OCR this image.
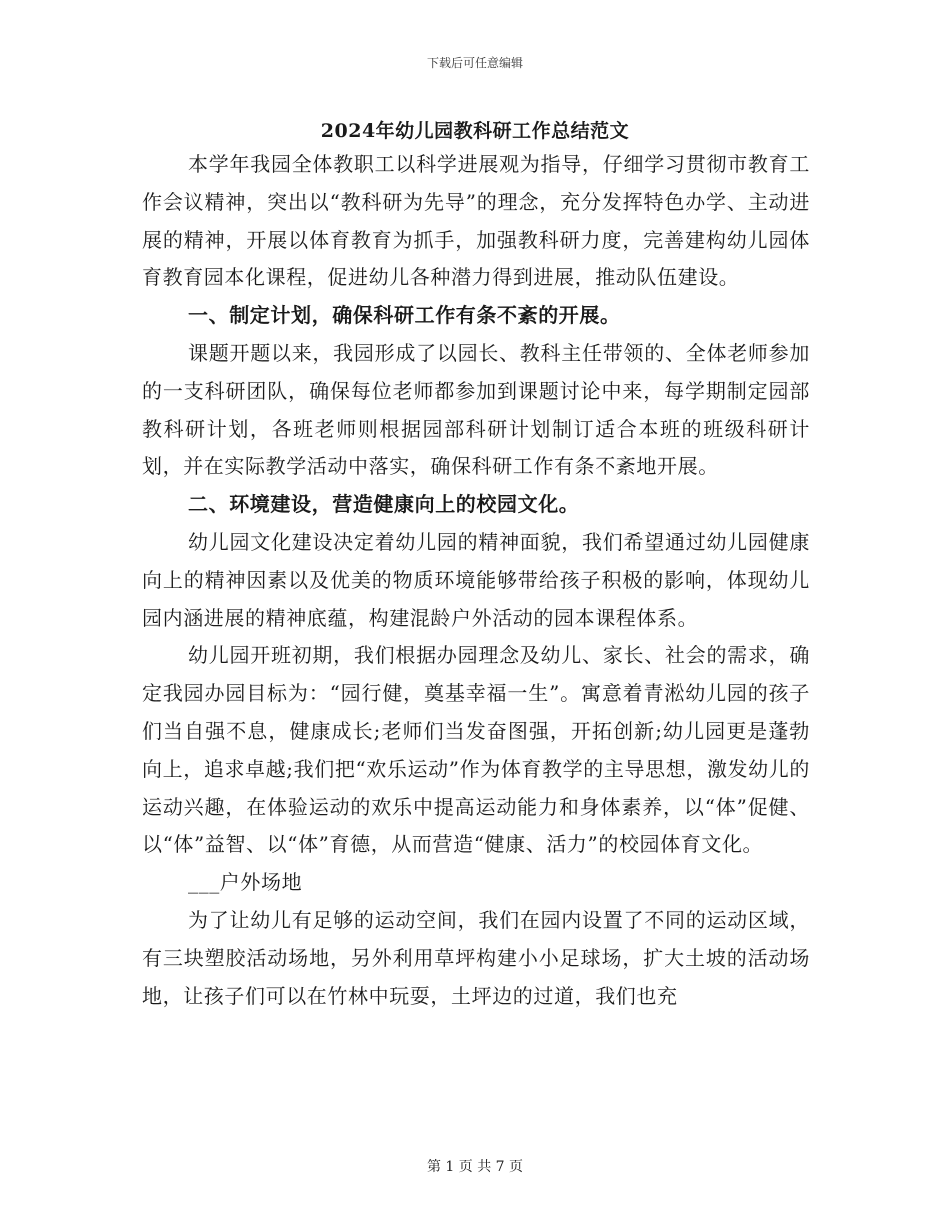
下载后可任意编辑
2024年幼儿园教科研工作总结范文

本学年我园全体教职工以科学进展观为指导，仔细学习贯彻市教育工作会议精神，突出以“教科研为先导”的理念，充分发挥特色办学、主动进展的精神，开展以体育教育为抓手，加强教科研力度，完善建构幼儿园体育教育园本化课程，促进幼儿各种潜力得到进展，推动队伍建设。

一、制定计划，确保科研工作有条不紊的开展。

课题开题以来，我园形成了以园长、教科主任带领的、全体老师参加的一支科研团队，确保每位老师都参加到课题讨论中来，每学期制定园部教科研计划，各班老师则根据园部科研计划制订适合本班的班级科研计划，并在实际教学活动中落实，确保科研工作有条不紊地开展。

二、环境建设，营造健康向上的校园文化。

幼儿园文化建设决定着幼儿园的精神面貌，我们希望通过幼儿园健康向上的精神因素以及优美的物质环境能够带给孩子积极的影响，体现幼儿园内涵进展的精神底蕴，构建混龄户外活动的园本课程体系。

幼儿园开班初期，我们根据办园理念及幼儿、家长、社会的需求，确定我园办园目标为：“园行健，奠基幸福一生”。寓意着青淞幼儿园的孩子们当自强不息，健康成长;老师们当发奋图强，开拓创新;幼儿园更是蓬勃向上，追求卓越;我们把“欢乐运动”作为体育教学的主导思想，激发幼儿的运动兴趣，在体验运动的欢乐中提高运动能力和身体素养，以“体”促健、以“体”益智、以“体”育德，从而营造“健康、活力”的校园体育文化。

___户外场地

为了让幼儿有足够的运动空间，我们在园内设置了不同的运动区域，有三块塑胶活动场地，另外利用草坪构建小小足球场，扩大土坡的活动场地，让孩子们可以在竹林中玩耍，土坪边的过道，我们也充

第 1 页 共 7 页
